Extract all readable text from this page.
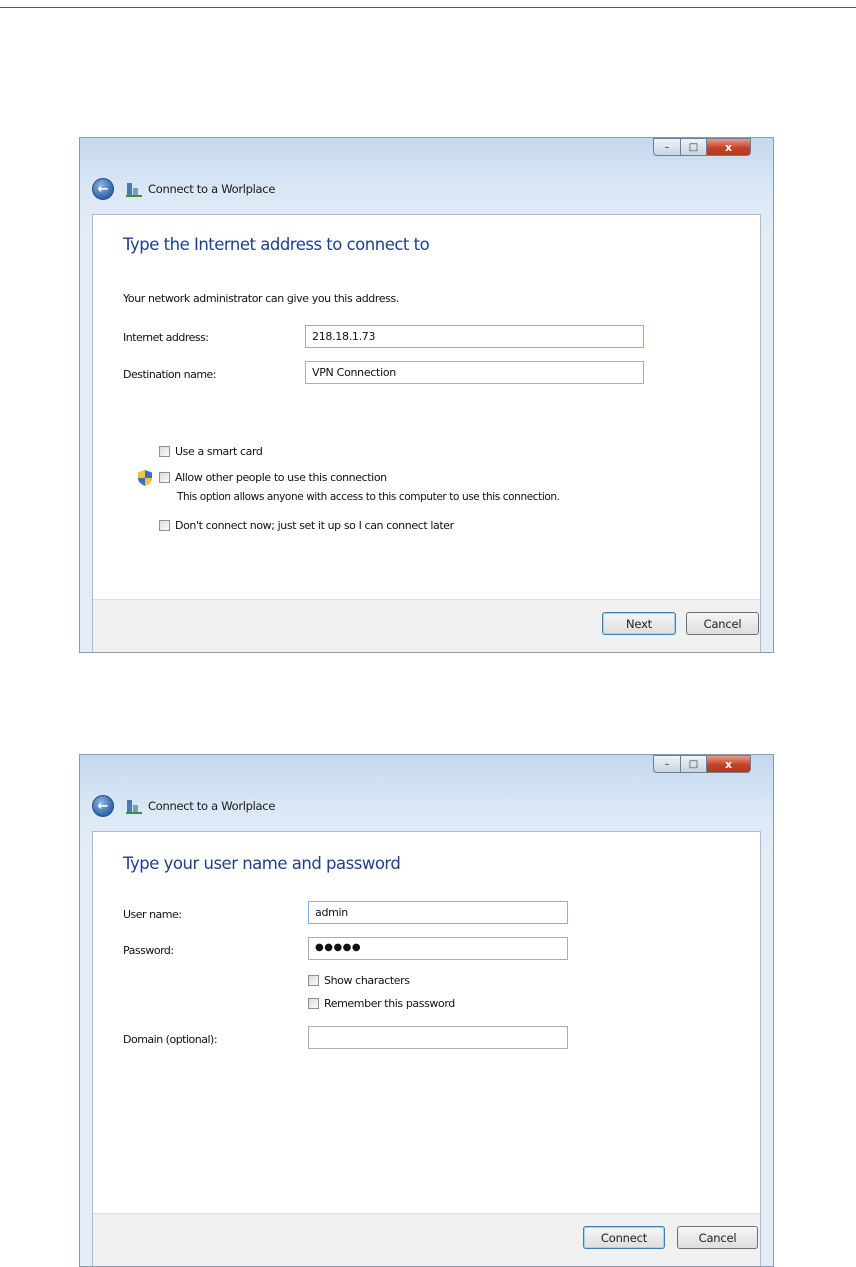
– □ x
←	Connect to a Worlplace
Type the Internet address to connect to
Your network administrator can give you this address.
Internet address:	218.18.1.73
Destination name:	VPN Connection
Use a smart card
Allow other people to use this connection
This option allows anyone with access to this computer to use this connection.
Don't connect now; just set it up so I can connect later
Next	Cancel
– □ x
←	Connect to a Worlplace
Type your user name and password
User name:	admin
Password:	●●●●●
Show characters
Remember this password
Domain (optional):
Connect	Cancel
